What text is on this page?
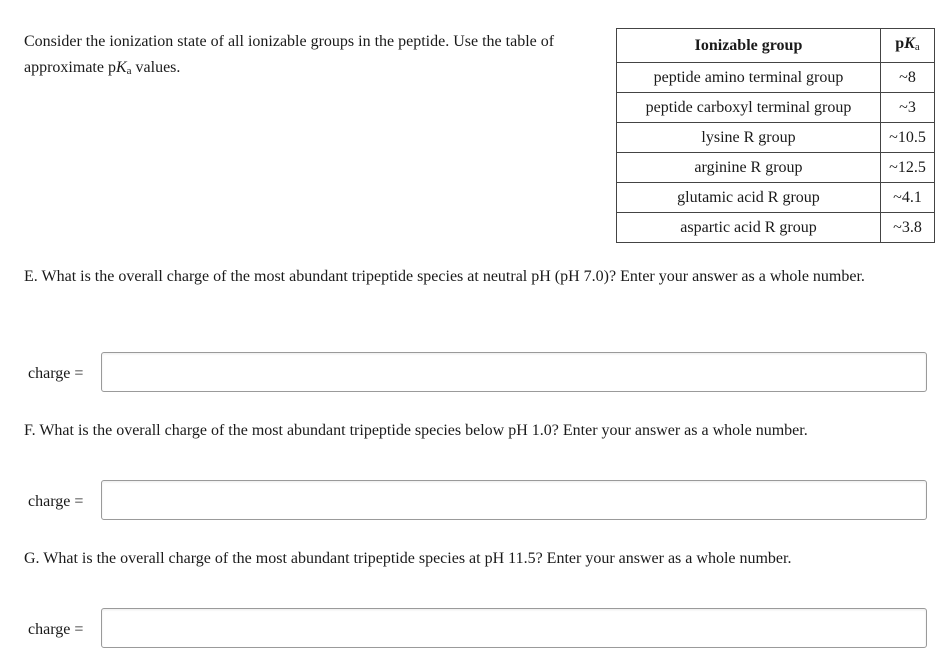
Consider the ionization state of all ionizable groups in the peptide. Use the table of approximate pKa values.

Ionizable group	pKa
peptide amino terminal group	~8
peptide carboxyl terminal group	~3
lysine R group	~10.5
arginine R group	~12.5
glutamic acid R group	~4.1
aspartic acid R group	~3.8

E. What is the overall charge of the most abundant tripeptide species at neutral pH (pH 7.0)? Enter your answer as a whole number.

charge =

F. What is the overall charge of the most abundant tripeptide species below pH 1.0? Enter your answer as a whole number.

charge =

G. What is the overall charge of the most abundant tripeptide species at pH 11.5? Enter your answer as a whole number.

charge =
